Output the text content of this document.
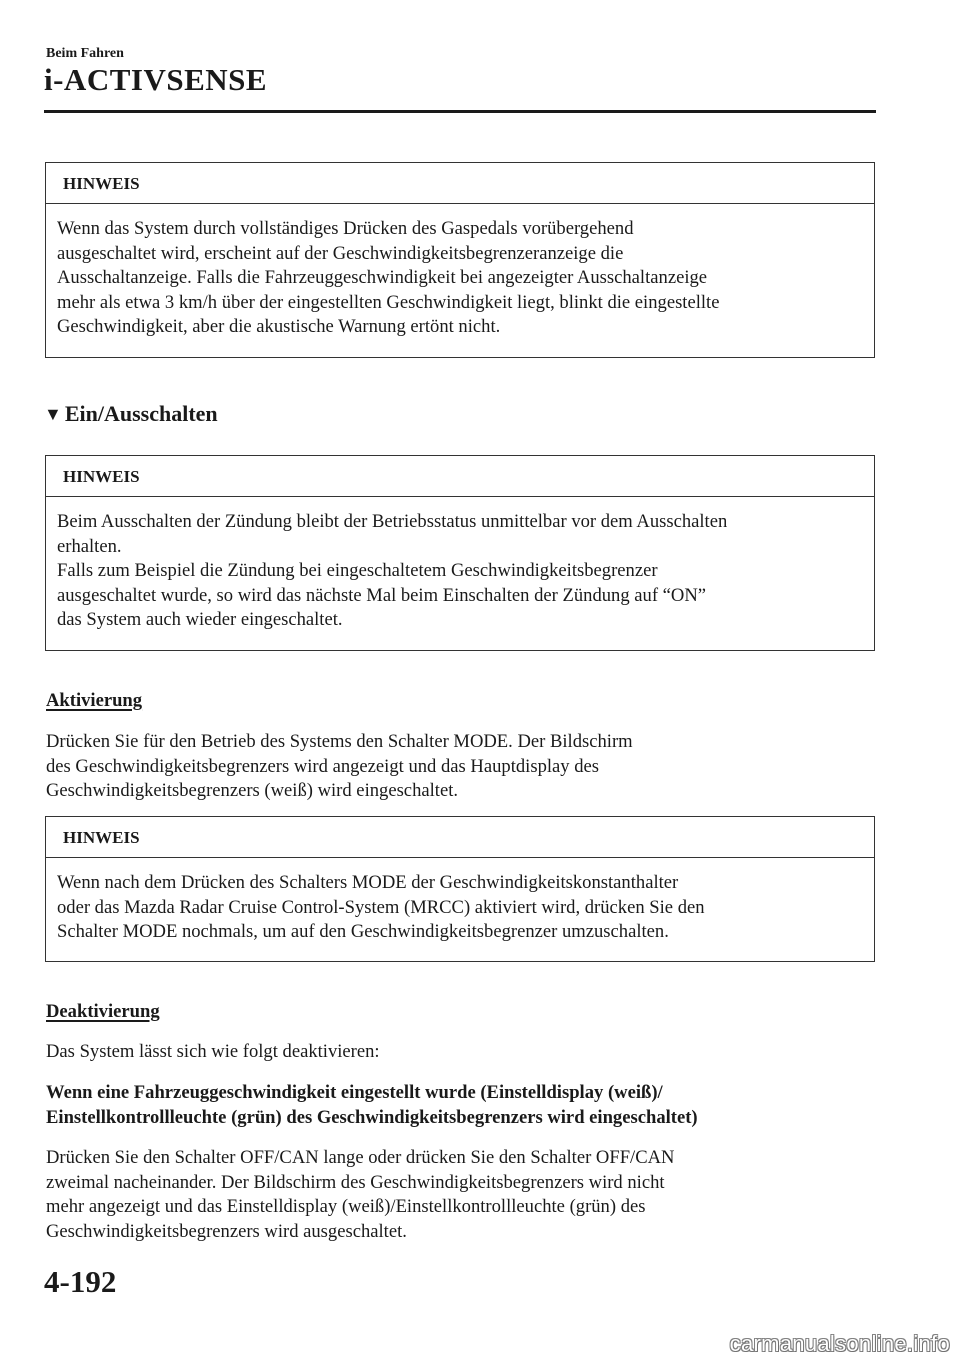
Beim Fahren
i-ACTIVSENSE
HINWEIS

Wenn das System durch vollständiges Drücken des Gaspedals vorübergehend

ausgeschaltet wird, erscheint auf der Geschwindigkeitsbegrenzeranzeige die

Ausschaltanzeige. Falls die Fahrzeuggeschwindigkeit bei angezeigter Ausschaltanzeige

mehr als etwa 3 km/h über der eingestellten Geschwindigkeit liegt, blinkt die eingestellte

Geschwindigkeit, aber die akustische Warnung ertönt nicht.

▼ Ein/Ausschalten
HINWEIS

Beim Ausschalten der Zündung bleibt der Betriebsstatus unmittelbar vor dem Ausschalten

erhalten.

Falls zum Beispiel die Zündung bei eingeschaltetem Geschwindigkeitsbegrenzer

ausgeschaltet wurde, so wird das nächste Mal beim Einschalten der Zündung auf “ON”

das System auch wieder eingeschaltet.

Aktivierung
Drücken Sie für den Betrieb des Systems den Schalter MODE. Der Bildschirm
des Geschwindigkeitsbegrenzers wird angezeigt und das Hauptdisplay des
Geschwindigkeitsbegrenzers (weiß) wird eingeschaltet.
HINWEIS

Wenn nach dem Drücken des Schalters MODE der Geschwindigkeitskonstanthalter

oder das Mazda Radar Cruise Control-System (MRCC) aktiviert wird, drücken Sie den

Schalter MODE nochmals, um auf den Geschwindigkeitsbegrenzer umzuschalten.

Deaktivierung
Das System lässt sich wie folgt deaktivieren:
Wenn eine Fahrzeuggeschwindigkeit eingestellt wurde (Einstelldisplay (weiß)/
Einstellkontrollleuchte (grün) des Geschwindigkeitsbegrenzers wird eingeschaltet)
Drücken Sie den Schalter OFF/CAN lange oder drücken Sie den Schalter OFF/CAN
zweimal nacheinander. Der Bildschirm des Geschwindigkeitsbegrenzers wird nicht
mehr angezeigt und das Einstelldisplay (weiß)/Einstellkontrollleuchte (grün) des
Geschwindigkeitsbegrenzers wird ausgeschaltet.
4-192
carmanualsonline.info
